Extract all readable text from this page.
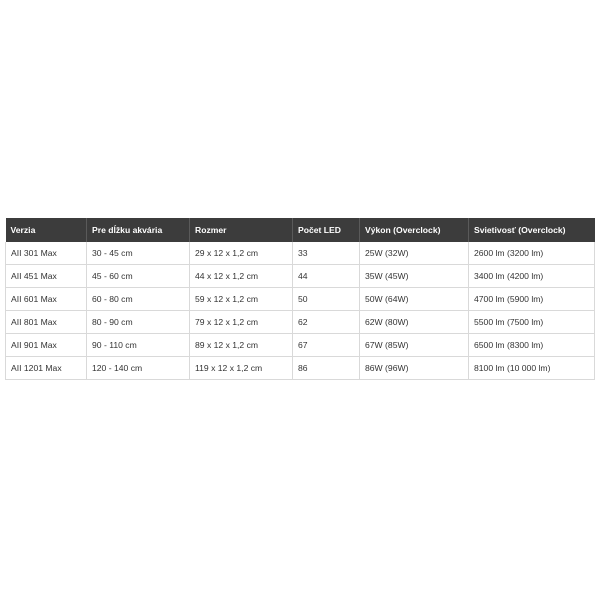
Verzia	Pre dĺžku akvária	Rozmer	Počet LED	Výkon (Overclock)	Svietivosť (Overclock)
AII 301 Max	30 - 45 cm	29 x 12 x 1,2 cm	33	25W (32W)	2600 lm (3200 lm)
AII 451 Max	45 - 60 cm	44 x 12 x 1,2 cm	44	35W (45W)	3400 lm (4200 lm)
AII 601 Max	60 - 80 cm	59 x 12 x 1,2 cm	50	50W (64W)	4700 lm (5900 lm)
AII 801 Max	80 - 90 cm	79 x 12 x 1,2 cm	62	62W (80W)	5500 lm (7500 lm)
AII 901 Max	90 - 110 cm	89 x 12 x 1,2 cm	67	67W (85W)	6500 lm (8300 lm)
AII 1201 Max	120 - 140 cm	119 x 12 x 1,2 cm	86	86W (96W)	8100 lm (10 000 lm)
